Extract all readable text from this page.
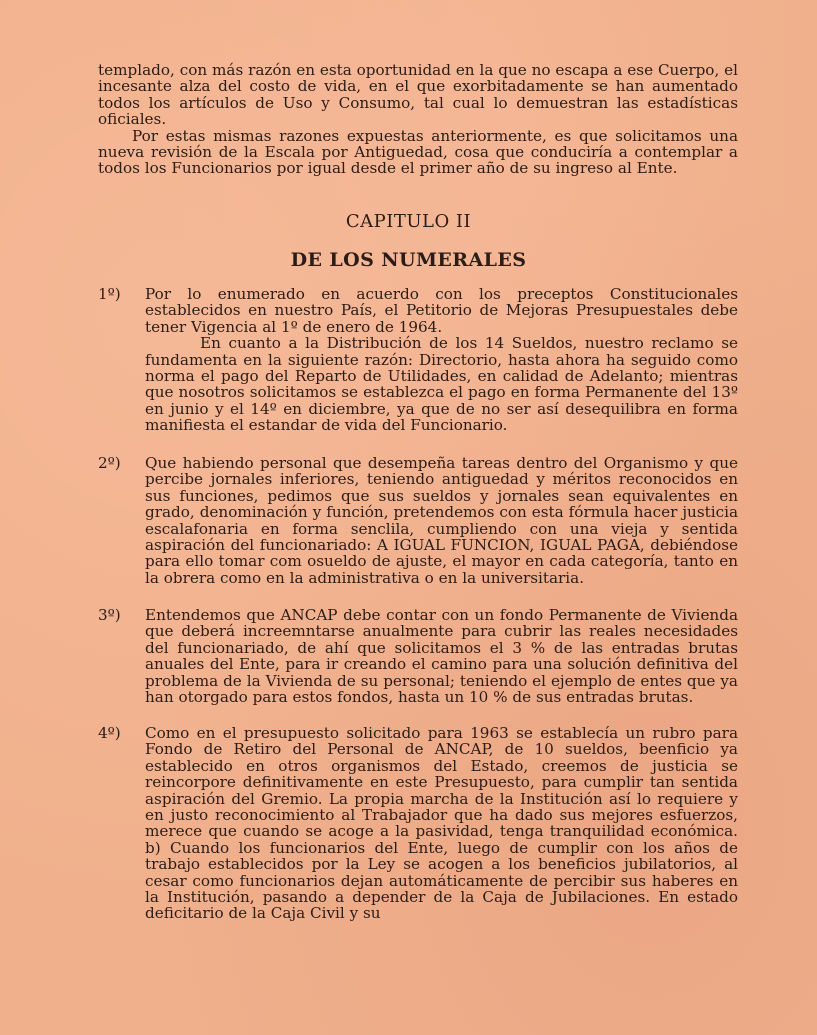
templado, con más razón en esta oportunidad en la que no escapa a ese Cuerpo, el incesante alza del costo de vida, en el que exorbitadamente se han aumentado todos los artículos de Uso y Consumo, tal cual lo demuestran las estadísticas oficiales.

Por estas mismas razones expuestas anteriormente, es que solicitamos una nueva revisión de la Escala por Antiguedad, cosa que conduciría a contemplar a todos los Funcionarios por igual desde el primer año de su ingreso al Ente.

CAPITULO II
DE LOS NUMERALES
1º)	Por lo enumerado en acuerdo con los preceptos Constitucionales establecidos en nuestro País, el Petitorio de Mejoras Presupuestales debe tener Vigencia al 1º de enero de 1964.

En cuanto a la Distribución de los 14 Sueldos, nuestro reclamo se fundamenta en la siguiente razón: Directorio, hasta ahora ha seguido como norma el pago del Reparto de Utilidades, en calidad de Adelanto; mientras que nosotros solicitamos se establezca el pago en forma Permanente del 13º en junio y el 14º en diciembre, ya que de no ser así desequilibra en forma manifiesta el estandar de vida del Funcionario.

2º)	Que habiendo personal que desempeña tareas dentro del Organismo y que percibe jornales inferiores, teniendo antiguedad y méritos reconocidos en sus funciones, pedimos que sus sueldos y jornales sean equivalentes en grado, denominación y función, pretendemos con esta fórmula hacer justicia escalafonaria en forma senclila, cumpliendo con una vieja y sentida aspiración del funcionariado: A IGUAL FUNCION, IGUAL PAGA, debiéndose para ello tomar com osueldo de ajuste, el mayor en cada categoría, tanto en la obrera como en la administrativa o en la universitaria.

3º)	Entendemos que ANCAP debe contar con un fondo Permanente de Vivienda que deberá increemntarse anualmente para cubrir las reales necesidades del funcionariado, de ahí que solicitamos el 3 % de las entradas brutas anuales del Ente, para ir creando el camino para una solución definitiva del problema de la Vivienda de su personal; teniendo el ejemplo de entes que ya han otorgado para estos fondos, hasta un 10 % de sus entradas brutas.

4º)	Como en el presupuesto solicitado para 1963 se establecía un rubro para Fondo de Retiro del Personal de ANCAP, de 10 sueldos, beenficio ya establecido en otros organismos del Estado, creemos de justicia se reincorpore definitivamente en este Presupuesto, para cumplir tan sentida aspiración del Gremio. La propia marcha de la Institución así lo requiere y en justo reconocimiento al Trabajador que ha dado sus mejores esfuerzos, merece que cuando se acoge a la pasividad, tenga tranquilidad económica. b) Cuando los funcionarios del Ente, luego de cumplir con los años de trabajo establecidos por la Ley se acogen a los beneficios jubilatorios, al cesar como funcionarios dejan automáticamente de percibir sus haberes en la Institución, pasando a depender de la Caja de Jubilaciones. En estado deficitario de la Caja Civil y su
